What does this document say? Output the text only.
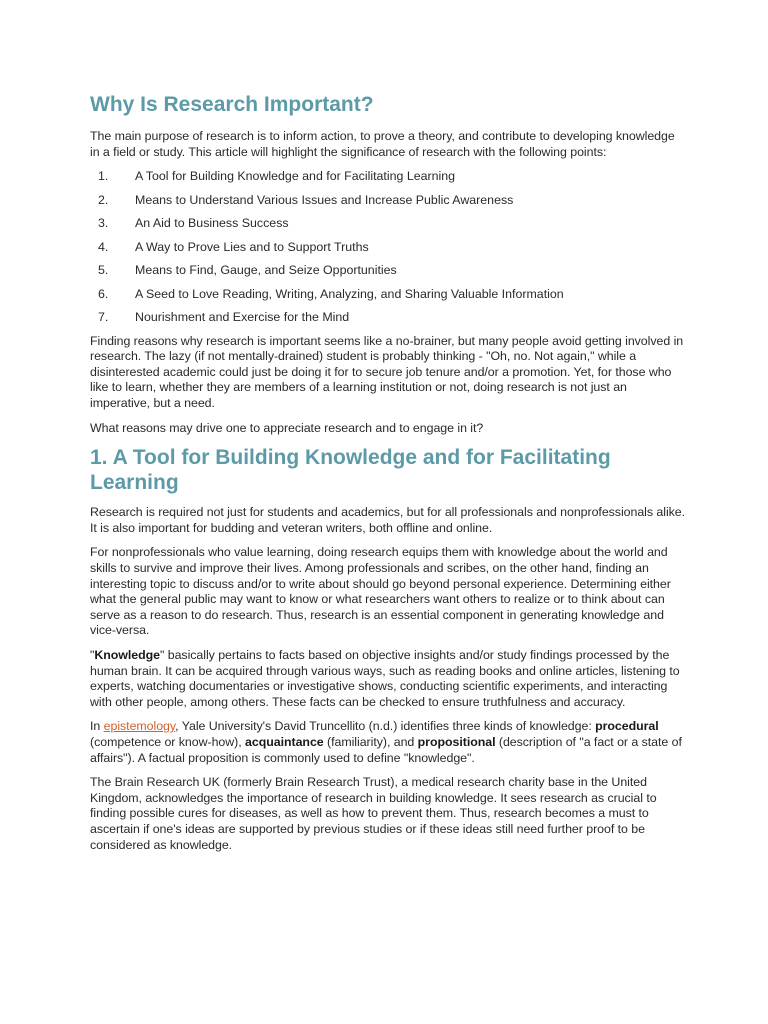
Why Is Research Important?

The main purpose of research is to inform action, to prove a theory, and contribute to developing knowledge in a field or study. This article will highlight the significance of research with the following points:

1. A Tool for Building Knowledge and for Facilitating Learning
2. Means to Understand Various Issues and Increase Public Awareness
3. An Aid to Business Success
4. A Way to Prove Lies and to Support Truths
5. Means to Find, Gauge, and Seize Opportunities
6. A Seed to Love Reading, Writing, Analyzing, and Sharing Valuable Information
7. Nourishment and Exercise for the Mind

Finding reasons why research is important seems like a no-brainer, but many people avoid getting involved in research. The lazy (if not mentally-drained) student is probably thinking - "Oh, no. Not again," while a disinterested academic could just be doing it for to secure job tenure and/or a promotion. Yet, for those who like to learn, whether they are members of a learning institution or not, doing research is not just an imperative, but a need.

What reasons may drive one to appreciate research and to engage in it?

1. A Tool for Building Knowledge and for Facilitating Learning

Research is required not just for students and academics, but for all professionals and nonprofessionals alike. It is also important for budding and veteran writers, both offline and online.

For nonprofessionals who value learning, doing research equips them with knowledge about the world and skills to survive and improve their lives. Among professionals and scribes, on the other hand, finding an interesting topic to discuss and/or to write about should go beyond personal experience. Determining either what the general public may want to know or what researchers want others to realize or to think about can serve as a reason to do research. Thus, research is an essential component in generating knowledge and vice-versa.

"Knowledge" basically pertains to facts based on objective insights and/or study findings processed by the human brain. It can be acquired through various ways, such as reading books and online articles, listening to experts, watching documentaries or investigative shows, conducting scientific experiments, and interacting with other people, among others. These facts can be checked to ensure truthfulness and accuracy.

In epistemology, Yale University's David Truncellito (n.d.) identifies three kinds of knowledge: procedural (competence or know-how), acquaintance (familiarity), and propositional (description of "a fact or a state of affairs"). A factual proposition is commonly used to define "knowledge".

The Brain Research UK (formerly Brain Research Trust), a medical research charity base in the United Kingdom, acknowledges the importance of research in building knowledge. It sees research as crucial to finding possible cures for diseases, as well as how to prevent them. Thus, research becomes a must to ascertain if one's ideas are supported by previous studies or if these ideas still need further proof to be considered as knowledge.
